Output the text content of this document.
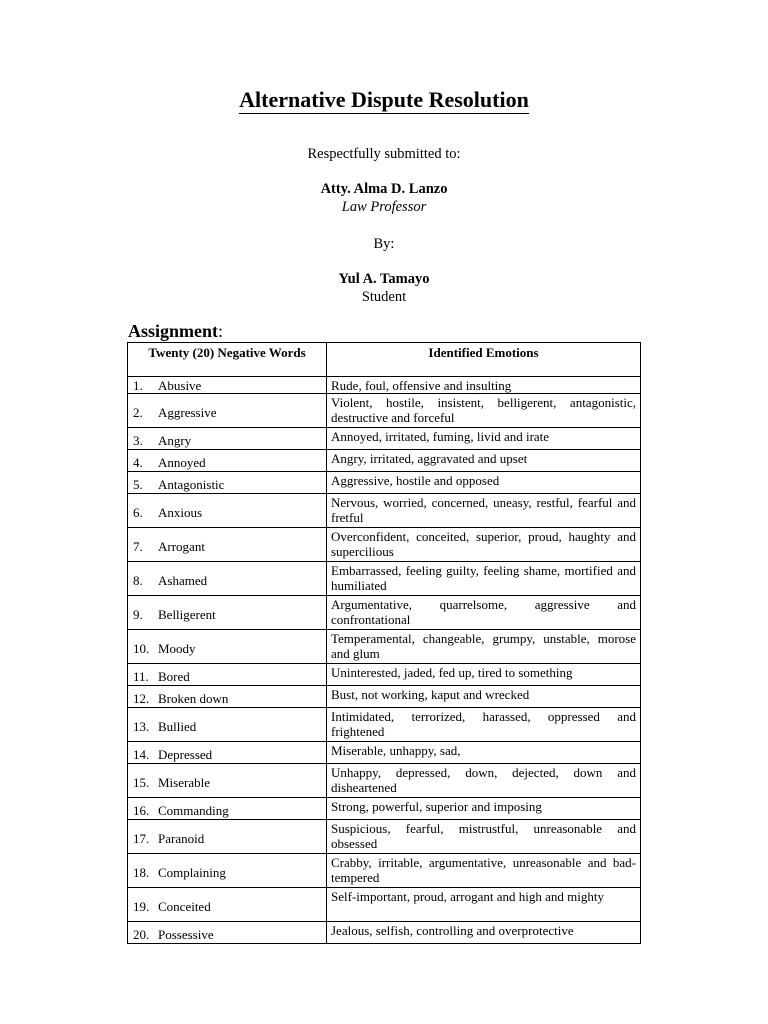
Alternative Dispute Resolution
Respectfully submitted to:
Atty. Alma D. Lanzo
Law Professor
By:
Yul A. Tamayo
Student
Assignment:
Twenty (20) Negative Words	Identified Emotions
1. Abusive	Rude, foul, offensive and insulting
2. Aggressive	Violent, hostile, insistent, belligerent, antagonistic, destructive and forceful
3. Angry	Annoyed, irritated, fuming, livid and irate
4. Annoyed	Angry, irritated, aggravated and upset
5. Antagonistic	Aggressive, hostile and opposed
6. Anxious	Nervous, worried, concerned, uneasy, restful, fearful and fretful
7. Arrogant	Overconfident, conceited, superior, proud, haughty and supercilious
8. Ashamed	Embarrassed, feeling guilty, feeling shame, mortified and humiliated
9. Belligerent	Argumentative, quarrelsome, aggressive and confrontational
10. Moody	Temperamental, changeable, grumpy, unstable, morose and glum
11. Bored	Uninterested, jaded, fed up, tired to something
12. Broken down	Bust, not working, kaput and wrecked
13. Bullied	Intimidated, terrorized, harassed, oppressed and frightened
14. Depressed	Miserable, unhappy, sad,
15. Miserable	Unhappy, depressed, down, dejected, down and disheartened
16. Commanding	Strong, powerful, superior and imposing
17. Paranoid	Suspicious, fearful, mistrustful, unreasonable and obsessed
18. Complaining	Crabby, irritable, argumentative, unreasonable and bad-tempered
19. Conceited	Self-important, proud, arrogant and high and mighty
20. Possessive	Jealous, selfish, controlling and overprotective
